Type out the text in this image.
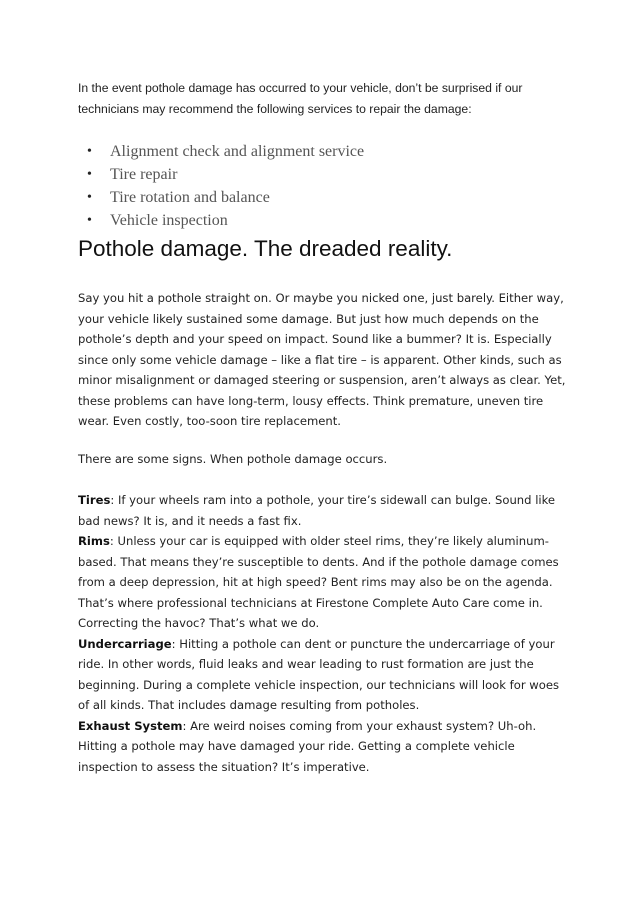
In the event pothole damage has occurred to your vehicle, don’t be surprised if our technicians may recommend the following services to repair the damage:

• Alignment check and alignment service
• Tire repair
• Tire rotation and balance
• Vehicle inspection
Pothole damage. The dreaded reality.

Say you hit a pothole straight on. Or maybe you nicked one, just barely. Either way, your vehicle likely sustained some damage. But just how much depends on the pothole’s depth and your speed on impact. Sound like a bummer? It is. Especially since only some vehicle damage – like a flat tire – is apparent. Other kinds, such as minor misalignment or damaged steering or suspension, aren’t always as clear. Yet, these problems can have long-term, lousy effects. Think premature, uneven tire wear. Even costly, too-soon tire replacement.

There are some signs. When pothole damage occurs.

Tires: If your wheels ram into a pothole, your tire’s sidewall can bulge. Sound like bad news? It is, and it needs a fast fix.
Rims: Unless your car is equipped with older steel rims, they’re likely aluminum-based. That means they’re susceptible to dents. And if the pothole damage comes from a deep depression, hit at high speed? Bent rims may also be on the agenda. That’s where professional technicians at Firestone Complete Auto Care come in. Correcting the havoc? That’s what we do.
Undercarriage: Hitting a pothole can dent or puncture the undercarriage of your ride. In other words, fluid leaks and wear leading to rust formation are just the beginning. During a complete vehicle inspection, our technicians will look for woes of all kinds. That includes damage resulting from potholes.
Exhaust System: Are weird noises coming from your exhaust system? Uh-oh. Hitting a pothole may have damaged your ride. Getting a complete vehicle inspection to assess the situation? It’s imperative.
